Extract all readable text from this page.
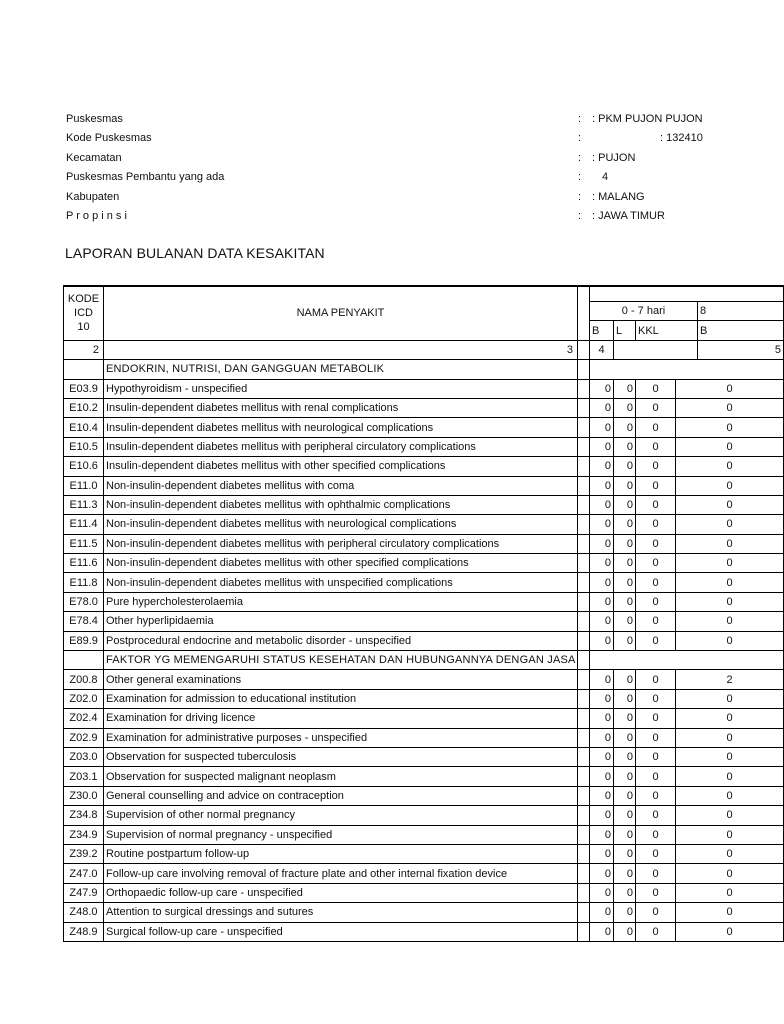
Puskesmas	: : PKM PUJON PUJON
Kode Puskesmas	:	: 132410
Kecamatan	: : PUJON
Puskesmas Pembantu yang ada	: 4
Kabupaten	: : MALANG
P r o p i n s i	: : JAWA TIMUR
LAPORAN BULANAN DATA KESAKITAN
KODE
ICD
10	NAMA PENYAKIT						
			0 - 7 hari				8
			B	L	KKL		B
2	3		4				5
	ENDOKRIN, NUTRISI, DAN GANGGUAN METABOLIK						
E03.9	Hypothyroidism - unspecified		0	0	0	0	
E10.2	Insulin-dependent diabetes mellitus with renal complications		0	0	0	0	
E10.4	Insulin-dependent diabetes mellitus with neurological complications		0	0	0	0	
E10.5	Insulin-dependent diabetes mellitus with peripheral circulatory complications		0	0	0	0	
E10.6	Insulin-dependent diabetes mellitus with other specified complications		0	0	0	0	
E11.0	Non-insulin-dependent diabetes mellitus with coma		0	0	0	0	
E11.3	Non-insulin-dependent diabetes mellitus with ophthalmic complications		0	0	0	0	
E11.4	Non-insulin-dependent diabetes mellitus with neurological complications		0	0	0	0	
E11.5	Non-insulin-dependent diabetes mellitus with peripheral circulatory complications		0	0	0	0	
E11.6	Non-insulin-dependent diabetes mellitus with other specified complications		0	0	0	0	
E11.8	Non-insulin-dependent diabetes mellitus with unspecified complications		0	0	0	0	
E78.0	Pure hypercholesterolaemia		0	0	0	0	
E78.4	Other hyperlipidaemia		0	0	0	0	
E89.9	Postprocedural endocrine and metabolic disorder - unspecified		0	0	0	0	
	FAKTOR YG MEMENGARUHI STATUS KESEHATAN DAN HUBUNGANNYA DENGAN JASA						
Z00.8	Other general examinations		0	0	0	2	
Z02.0	Examination for admission to educational institution		0	0	0	0	
Z02.4	Examination for driving licence		0	0	0	0	
Z02.9	Examination for administrative purposes - unspecified		0	0	0	0	
Z03.0	Observation for suspected tuberculosis		0	0	0	0	
Z03.1	Observation for suspected malignant neoplasm		0	0	0	0	
Z30.0	General counselling and advice on contraception		0	0	0	0	
Z34.8	Supervision of other normal pregnancy		0	0	0	0	
Z34.9	Supervision of normal pregnancy - unspecified		0	0	0	0	
Z39.2	Routine postpartum follow-up		0	0	0	0	
Z47.0	Follow-up care involving removal of fracture plate and other internal fixation device		0	0	0	0	
Z47.9	Orthopaedic follow-up care - unspecified		0	0	0	0	
Z48.0	Attention to surgical dressings and sutures		0	0	0	0	
Z48.9	Surgical follow-up care - unspecified		0	0	0	0	
